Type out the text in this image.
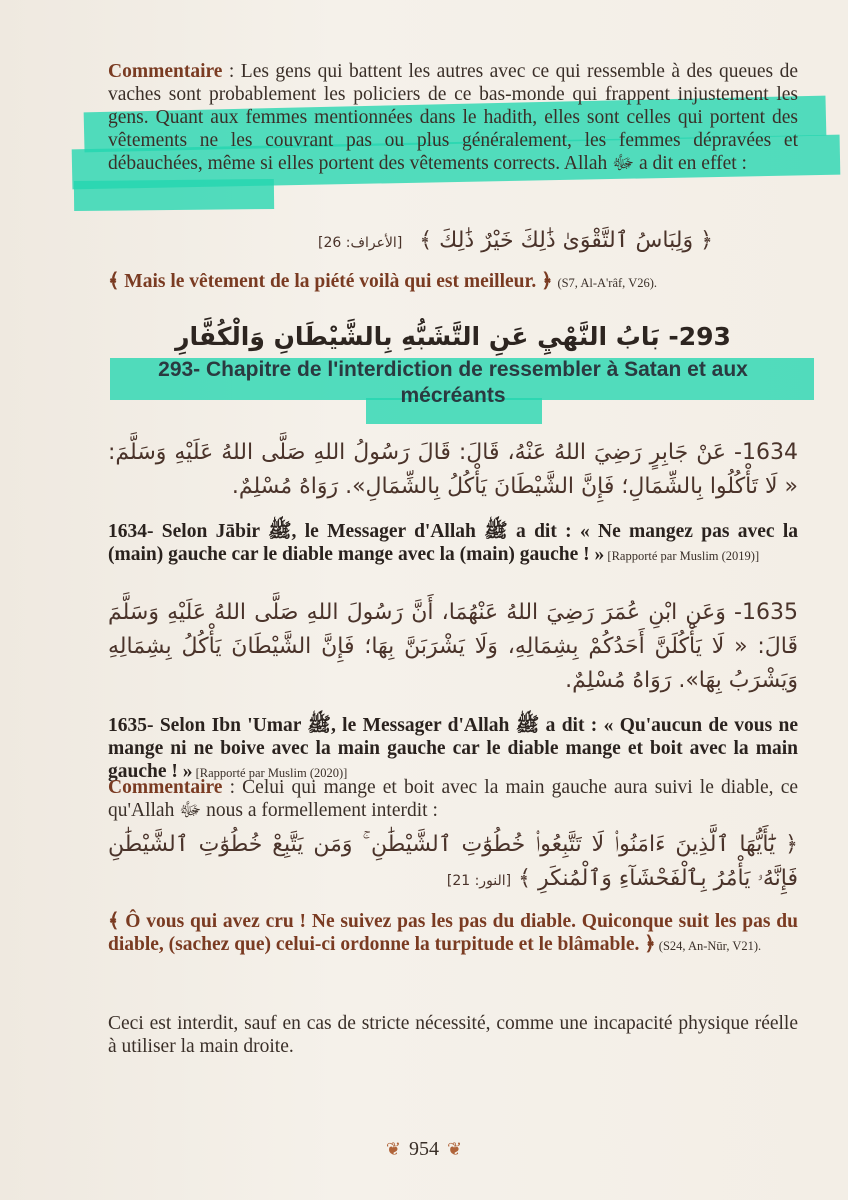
Commentaire : Les gens qui battent les autres avec ce qui ressemble à des queues de vaches sont probablement les policiers de ce bas-monde qui frappent injustement les gens. Quant aux femmes mentionnées dans le hadith, elles sont celles qui portent des vêtements ne les couvrant pas ou plus généralement, les femmes dépravées et débauchées, même si elles portent des vêtements corrects. Allah ﷻ a dit en effet :

[الأعراف: 26] ﴿ وَلِبَاسُ ٱلتَّقْوَىٰ ذَٰلِكَ خَيْرٌ ذَٰلِكَ ﴾

﴾ Mais le vêtement de la piété voilà qui est meilleur. ﴿ (S7, Al-A'râf, V26).

293- بَابُ النَّهْيِ عَنِ التَّشَبُّهِ بِالشَّيْطَانِ وَالْكُفَّارِ

293- Chapitre de l'interdiction de ressembler à Satan et aux

mécréants

1634- عَنْ جَابِرٍ رَضِيَ اللهُ عَنْهُ، قَالَ: قَالَ رَسُولُ اللهِ صَلَّى اللهُ عَلَيْهِ وَسَلَّمَ: « لَا تَأْكُلُوا بِالشِّمَالِ؛ فَإِنَّ الشَّيْطَانَ يَأْكُلُ بِالشِّمَالِ». رَوَاهُ مُسْلِمٌ.

1634- Selon Jābir ﷺ, le Messager d'Allah ﷺ a dit : « Ne mangez pas avec la (main) gauche car le diable mange avec la (main) gauche ! » [Rapporté par Muslim (2019)]

1635- وَعَنِ ابْنِ عُمَرَ رَضِيَ اللهُ عَنْهُمَا، أَنَّ رَسُولَ اللهِ صَلَّى اللهُ عَلَيْهِ وَسَلَّمَ قَالَ: « لَا يَأْكُلَنَّ أَحَدُكُمْ بِشِمَالِهِ، وَلَا يَشْرَبَنَّ بِهَا؛ فَإِنَّ الشَّيْطَانَ يَأْكُلُ بِشِمَالِهِ وَيَشْرَبُ بِهَا». رَوَاهُ مُسْلِمٌ.

1635- Selon Ibn 'Umar ﷺ, le Messager d'Allah ﷺ a dit : « Qu'aucun de vous ne mange ni ne boive avec la main gauche car le diable mange et boit avec la main gauche ! » [Rapporté par Muslim (2020)]

Commentaire : Celui qui mange et boit avec la main gauche aura suivi le diable, ce qu'Allah ﷻ nous a formellement interdit :

﴿ يَٰٓأَيُّهَا ٱلَّذِينَ ءَامَنُوا۟ لَا تَتَّبِعُوا۟ خُطُوَٰتِ ٱلشَّيْطَٰنِ ۚ وَمَن يَتَّبِعْ خُطُوَٰتِ ٱلشَّيْطَٰنِ فَإِنَّهُۥ يَأْمُرُ بِٱلْفَحْشَآءِ وَٱلْمُنكَرِ ﴾ [النور: 21]

﴾ Ô vous qui avez cru ! Ne suivez pas les pas du diable. Quiconque suit les pas du diable, (sachez que) celui-ci ordonne la turpitude et le blâmable. ﴿ (S24, An-Nūr, V21).

Ceci est interdit, sauf en cas de stricte nécessité, comme une incapacité physique réelle à utiliser la main droite.

❦ 954 ❦
